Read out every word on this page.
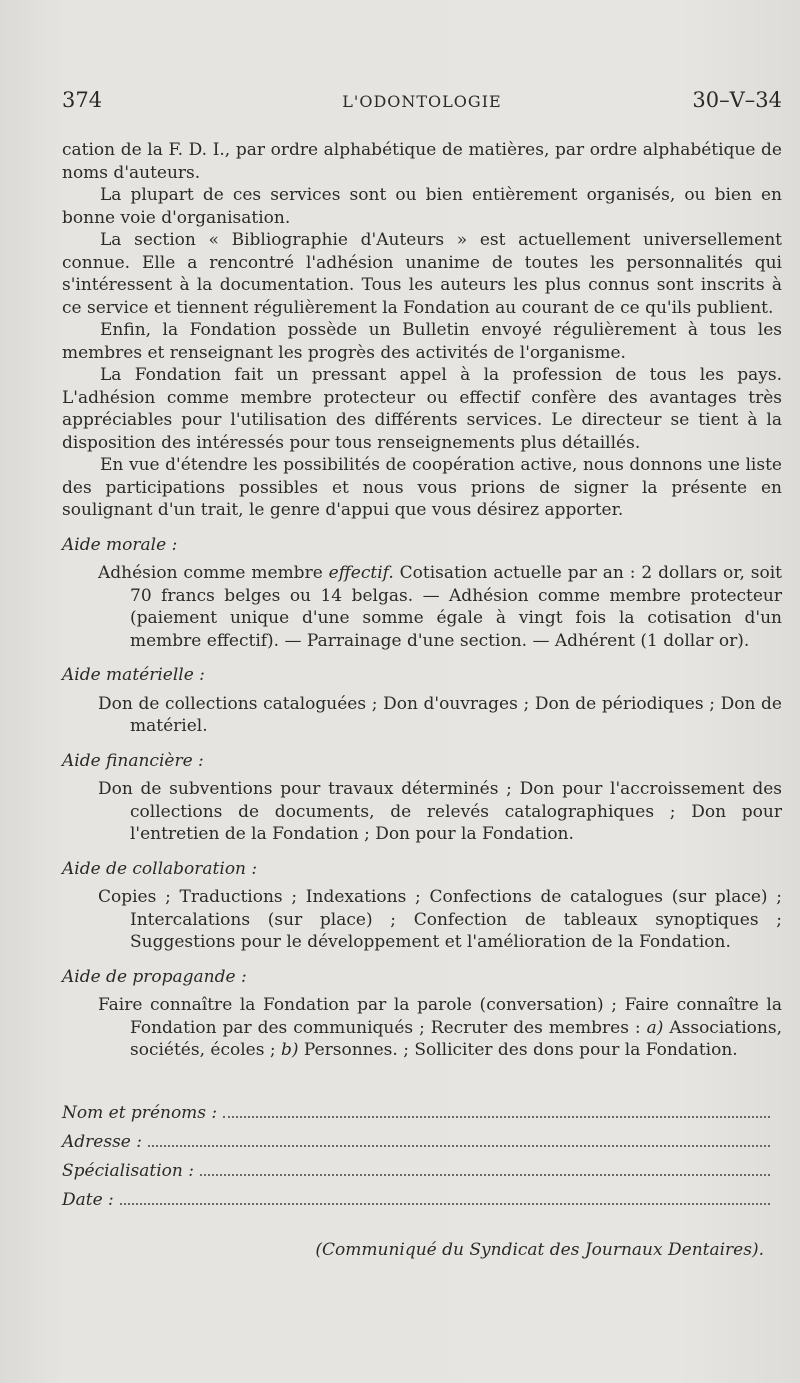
374	L'ODONTOLOGIE	30–V–34

cation de la F. D. I., par ordre alphabétique de matières, par ordre alphabétique de noms d'auteurs.

La plupart de ces services sont ou bien entièrement organisés, ou bien en bonne voie d'organisation.

La section « Bibliographie d'Auteurs » est actuellement universellement connue. Elle a rencontré l'adhésion unanime de toutes les personnalités qui s'intéressent à la documentation. Tous les auteurs les plus connus sont inscrits à ce service et tiennent régulièrement la Fondation au courant de ce qu'ils publient.

Enfin, la Fondation possède un Bulletin envoyé régulièrement à tous les membres et renseignant les progrès des activités de l'organisme.

La Fondation fait un pressant appel à la profession de tous les pays. L'adhésion comme membre protecteur ou effectif confère des avantages très appréciables pour l'utilisation des différents services. Le directeur se tient à la disposition des intéressés pour tous renseignements plus détaillés.

En vue d'étendre les possibilités de coopération active, nous donnons une liste des participations possibles et nous vous prions de signer la présente en soulignant d'un trait, le genre d'appui que vous désirez apporter.

Aide morale :

Adhésion comme membre effectif. Cotisation actuelle par an : 2 dollars or, soit 70 francs belges ou 14 belgas. — Adhésion comme membre protecteur (paiement unique d'une somme égale à vingt fois la cotisation d'un membre effectif). — Parrainage d'une section. — Adhérent (1 dollar or).

Aide matérielle :

Don de collections cataloguées ; Don d'ouvrages ; Don de périodiques ; Don de matériel.

Aide financière :

Don de subventions pour travaux déterminés ; Don pour l'accroissement des collections de documents, de relevés catalographiques ; Don pour l'entretien de la Fondation ; Don pour la Fondation.

Aide de collaboration :

Copies ; Traductions ; Indexations ; Confections de catalogues (sur place) ; Intercalations (sur place) ; Confection de tableaux synoptiques ; Suggestions pour le développement et l'amélioration de la Fondation.

Aide de propagande :

Faire connaître la Fondation par la parole (conversation) ; Faire connaître la Fondation par des communiqués ; Recruter des membres : a) Associations, sociétés, écoles ; b) Personnes. ; Solliciter des dons pour la Fondation.

Nom et prénoms :
Adresse :
Spécialisation :
Date :
(Communiqué du Syndicat des Journaux Dentaires).
